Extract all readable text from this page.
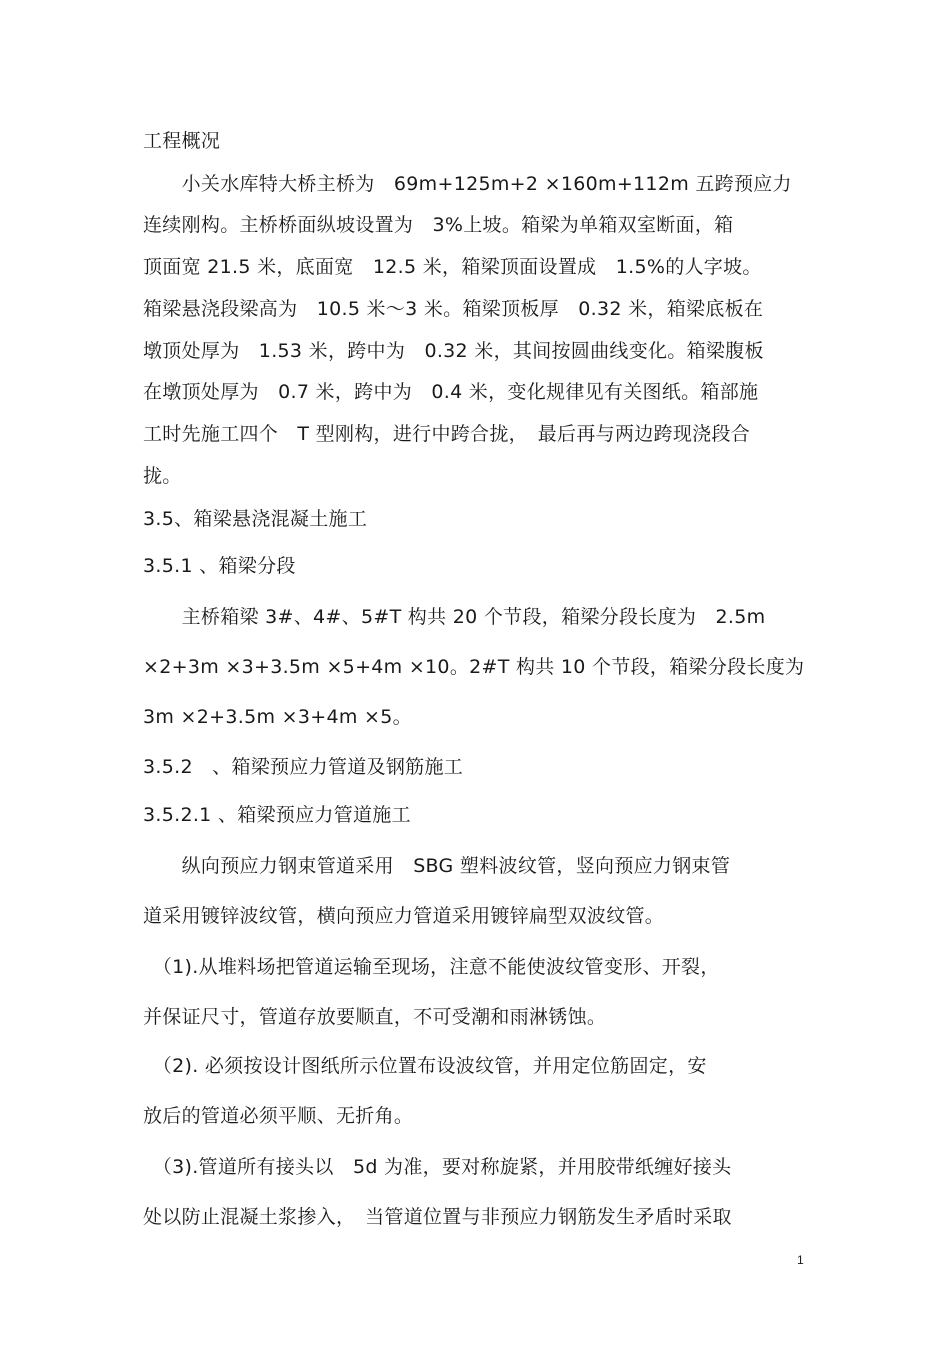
工程概况
　　小关水库特大桥主桥为　69m+125m+2 ×160m+112m 五跨预应力
连续刚构。主桥桥面纵坡设置为　3%上坡。箱梁为单箱双室断面，箱
顶面宽 21.5 米，底面宽　12.5 米，箱梁顶面设置成　1.5%的人字坡。
箱梁悬浇段梁高为　10.5 米～3 米。箱梁顶板厚　0.32 米，箱梁底板在
墩顶处厚为　1.53 米，跨中为　0.32 米，其间按圆曲线变化。箱梁腹板
在墩顶处厚为　0.7 米，跨中为　0.4 米，变化规律见有关图纸。箱部施
工时先施工四个　T 型刚构，进行中跨合拢，　最后再与两边跨现浇段合
拢。
3.5、箱梁悬浇混凝土施工
3.5.1 、箱梁分段
　　主桥箱梁 3#、4#、5#T 构共 20 个节段，箱梁分段长度为　2.5m
×2+3m ×3+3.5m ×5+4m ×10。2#T 构共 10 个节段，箱梁分段长度为
3m ×2+3.5m ×3+4m ×5。
3.5.2　、箱梁预应力管道及钢筋施工
3.5.2.1 、箱梁预应力管道施工
　　纵向预应力钢束管道采用　SBG 塑料波纹管，竖向预应力钢束管
道采用镀锌波纹管，横向预应力管道采用镀锌扁型双波纹管。
　（1).从堆料场把管道运输至现场，注意不能使波纹管变形、开裂，
并保证尺寸，管道存放要顺直，不可受潮和雨淋锈蚀。
　（2). 必须按设计图纸所示位置布设波纹管，并用定位筋固定，安
放后的管道必须平顺、无折角。
　（3).管道所有接头以　5d 为准，要对称旋紧，并用胶带纸缠好接头
处以防止混凝土浆掺入，　当管道位置与非预应力钢筋发生矛盾时采取
1
